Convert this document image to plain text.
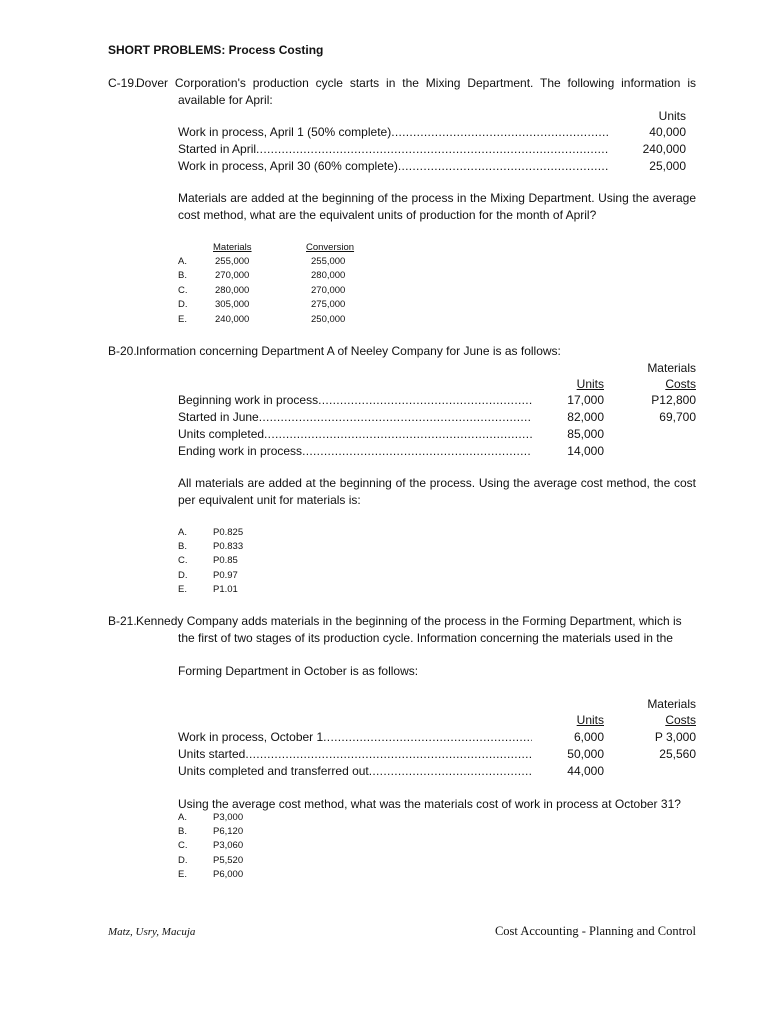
SHORT PROBLEMS: Process Costing
C-19.
Dover Corporation's production cycle starts in the Mixing Department. The following information is
available for April:
Units
Work in process, April 1 (50% complete) .....	40,000
Started in April .....	240,000
Work in process, April 30 (60% complete) .....	25,000
Materials are added at the beginning of the process in the Mixing Department. Using the average cost method, what are the equivalent units of production for the month of April?
Materials	Conversion
A.	255,000	255,000
B.	270,000	280,000
C.	280,000	270,000
D.	305,000	275,000
E.	240,000	250,000
B-20. Information concerning Department A of Neeley Company for June is as follows:
Materials
Units	Costs
Beginning work in process .....	17,000	P12,800
Started in June .....	82,000	69,700
Units completed .....	85,000
Ending work in process .....	14,000
All materials are added at the beginning of the process. Using the average cost method, the cost per equivalent unit for materials is:
A.	P0.825
B.	P0.833
C.	P0.85
D.	P0.97
E.	P1.01
B-21. Kennedy Company adds materials in the beginning of the process in the Forming Department, which is
the first of two stages of its production cycle. Information concerning the materials used in the
Forming Department in October is as follows:
Materials
Units	Costs
Work in process, October 1 .....	6,000	P 3,000
Units started .....	50,000	25,560
Units completed and transferred out .....	44,000
Using the average cost method, what was the materials cost of work in process at October 31?
A.	P3,000
B.	P6,120
C.	P3,060
D.	P5,520
E.	P6,000
Matz, Usry, Macuja	Cost Accounting - Planning and Control
